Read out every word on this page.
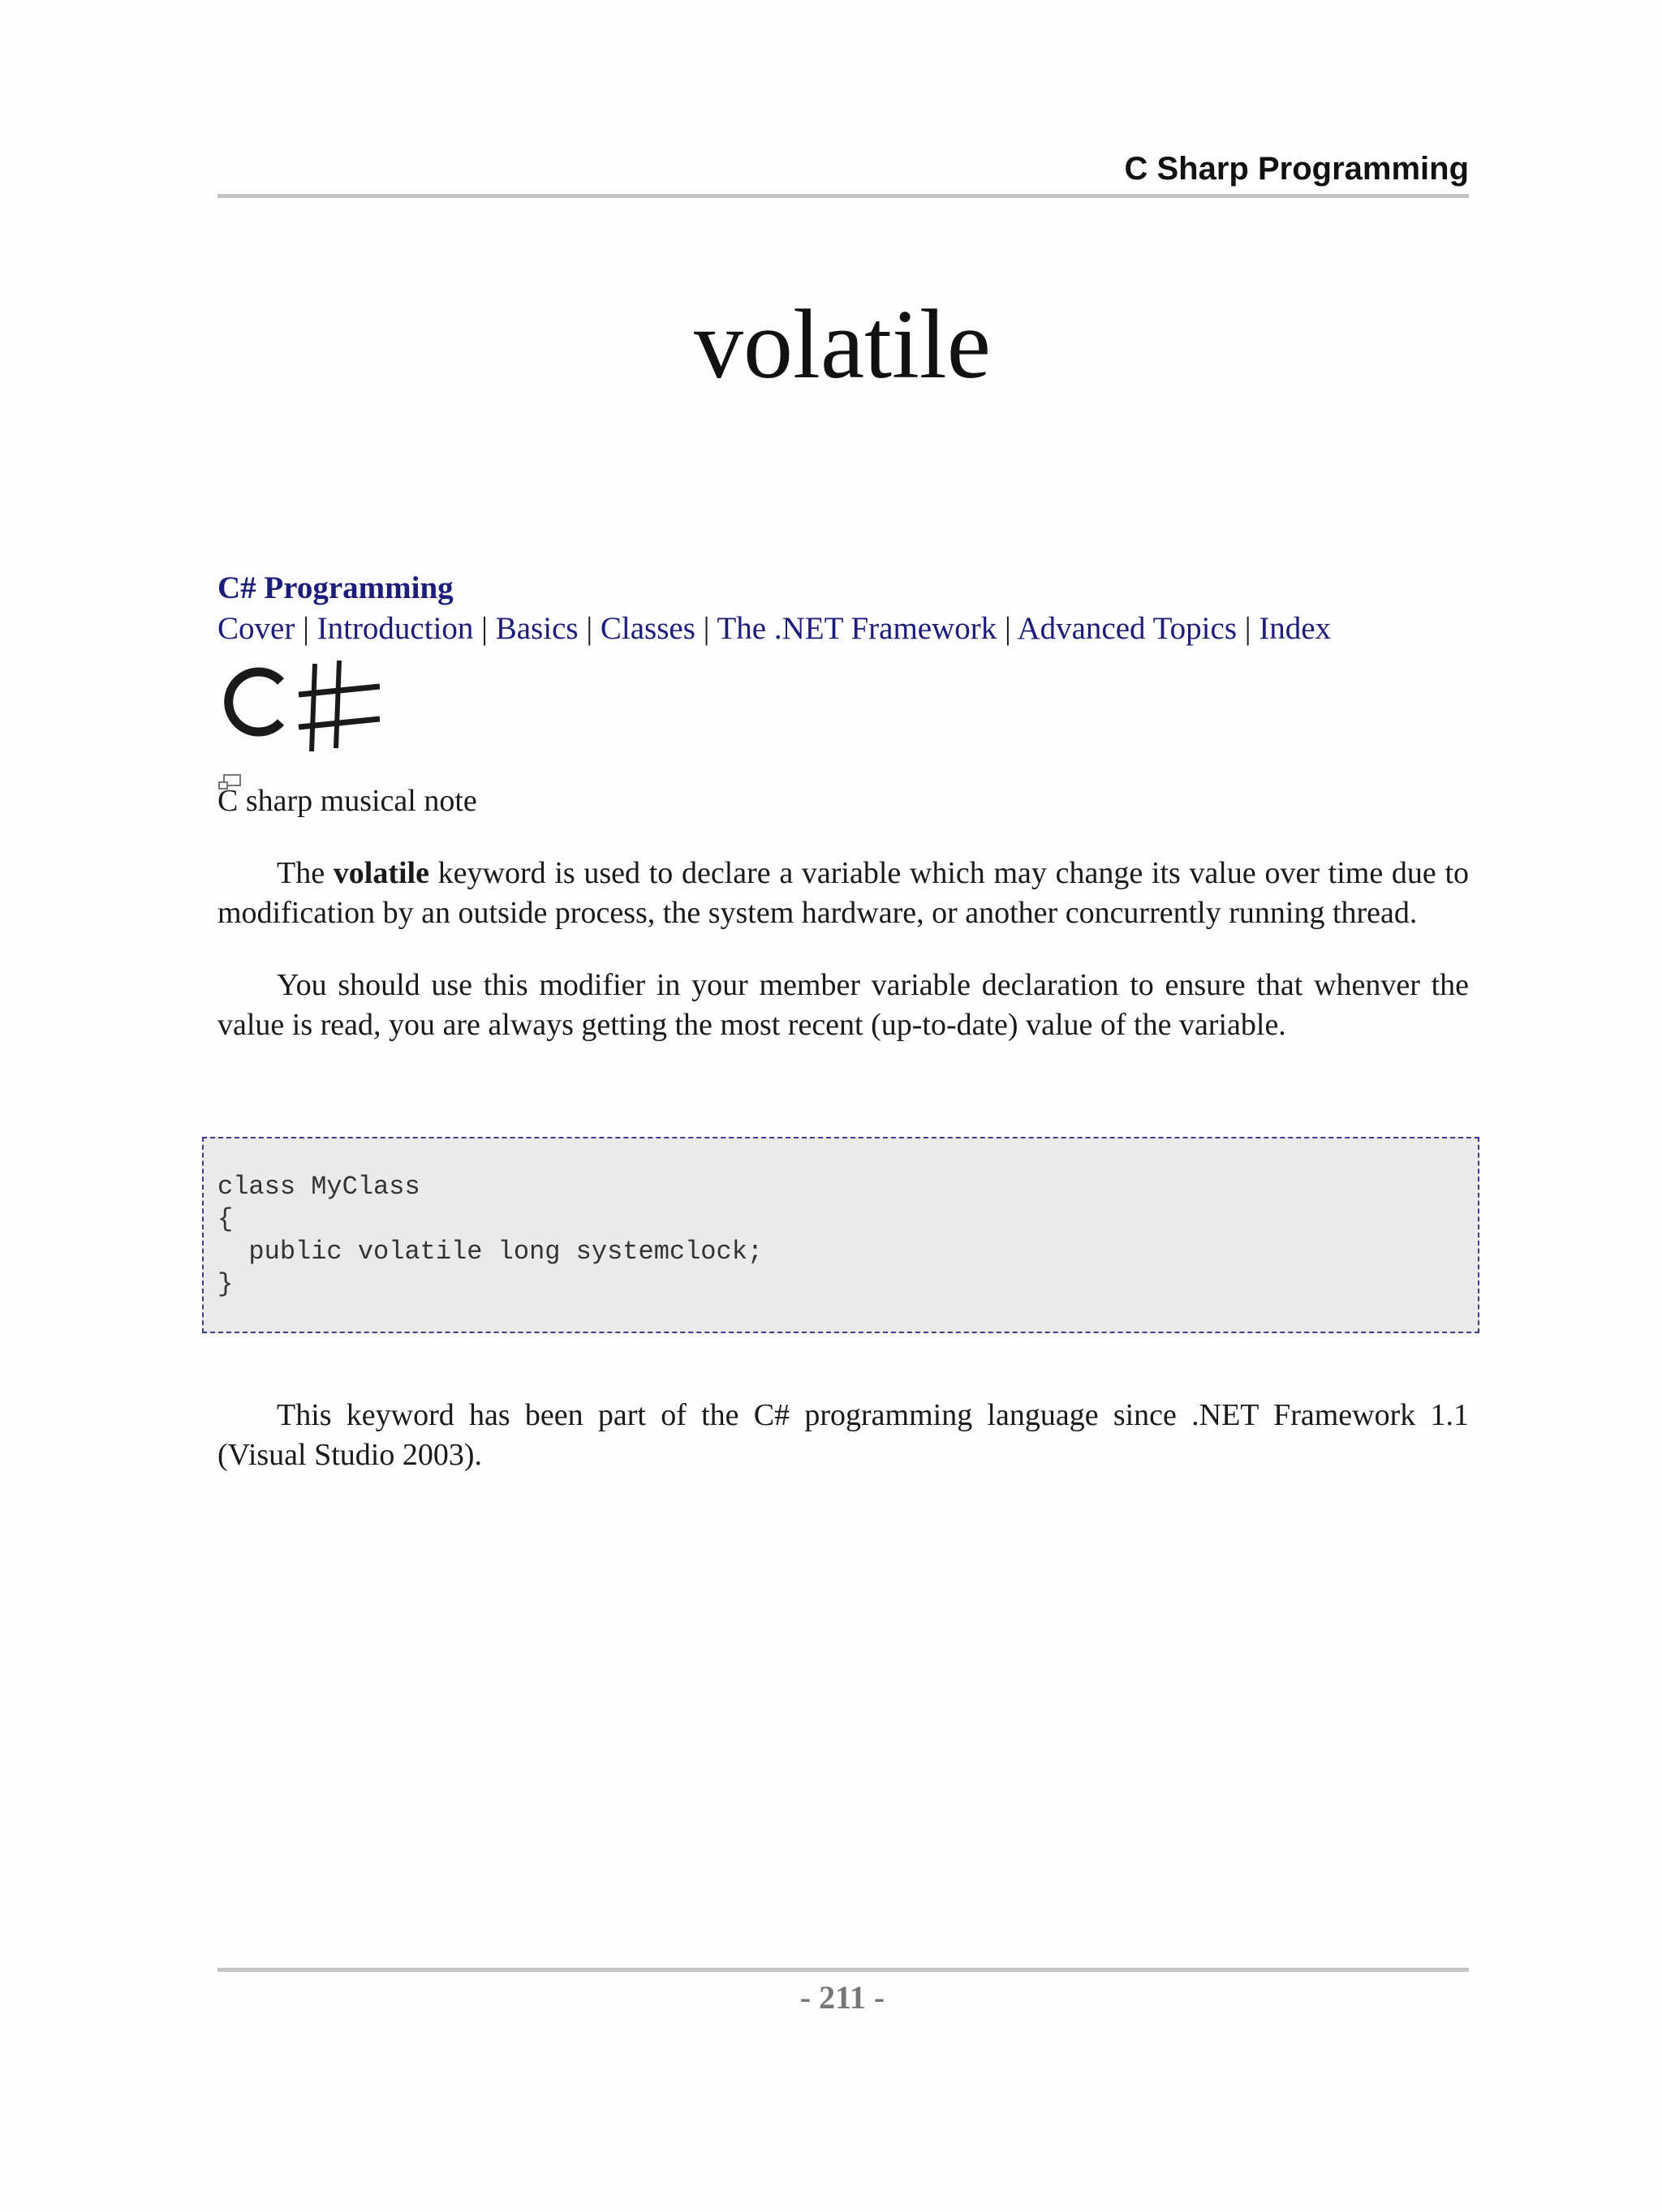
C Sharp Programming
volatile
C# Programming
Cover | Introduction | Basics | Classes | The .NET Framework | Advanced Topics | Index
C sharp musical note
The volatile keyword is used to declare a variable which may change its value over time due to modification by an outside process, the system hardware, or another concurrently running thread.
You should use this modifier in your member variable declaration to ensure that whenver the value is read, you are always getting the most recent (up-to-date) value of the variable.
class MyClass
{
public volatile long systemclock;
}
This keyword has been part of the C# programming language since .NET Framework 1.1 (Visual Studio 2003).
- 211 -
